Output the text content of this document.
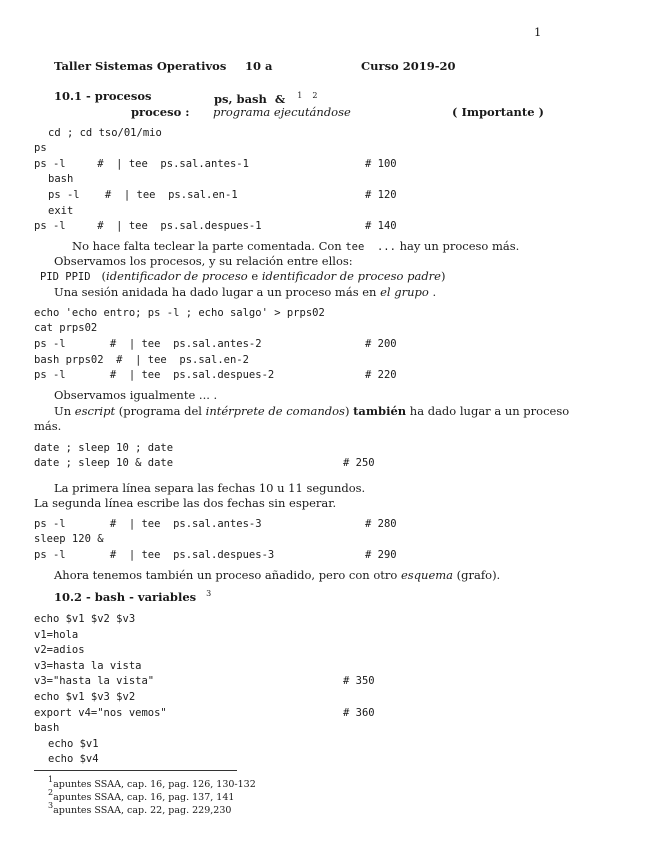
1
Taller Sistemas Operativos 10 a	Curso 2019-20
10.1 - procesos	ps, bash  & $^1$ $^2$
proceso : programa ejecutándose	( Importante )
cd ; cd tso/01/mio
ps
ps -l     #  | tee  ps.sal.antes-1	# 100
bash
ps -l    #  | tee  ps.sal.en-1	# 120
exit
ps -l     #  | tee  ps.sal.despues-1	# 140
No hace falta teclear la parte comentada. Con tee  ... hay un proceso más.
Observamos los procesos, y su relación entre ellos:
PID PPID (identificador de proceso e identificador de proceso padre)
Una sesión anidada ha dado lugar a un proceso más en el grupo .
echo 'echo entro; ps -l ; echo salgo' > prps02
cat prps02
ps -l       #  | tee  ps.sal.antes-2	# 200
bash prps02  #  | tee  ps.sal.en-2
ps -l       #  | tee  ps.sal.despues-2	# 220
Observamos igualmente ... .
Un escript (programa del intérprete de comandos) también ha dado lugar a un proceso
más.
date ; sleep 10 ; date
date ; sleep 10 & date	# 250
La primera línea separa las fechas 10 u 11 segundos.
La segunda línea escribe las dos fechas sin esperar.
ps -l       #  | tee  ps.sal.antes-3	# 280
sleep 120 &
ps -l       #  | tee  ps.sal.despues-3	# 290
Ahora tenemos también un proceso añadido, pero con otro esquema (grafo).
10.2 - bash - variables $^3$
echo $v1 $v2 $v3
v1=hola
v2=adios
v3=hasta la vista
v3="hasta la vista"	# 350
echo $v1 $v3 $v2
export v4="nos vemos"	# 360
bash
echo $v1
echo $v4
$^1$apuntes SSAA, cap. 16, pag. 126, 130-132
$^2$apuntes SSAA, cap. 16, pag. 137, 141
$^3$apuntes SSAA, cap. 22, pag. 229,230
